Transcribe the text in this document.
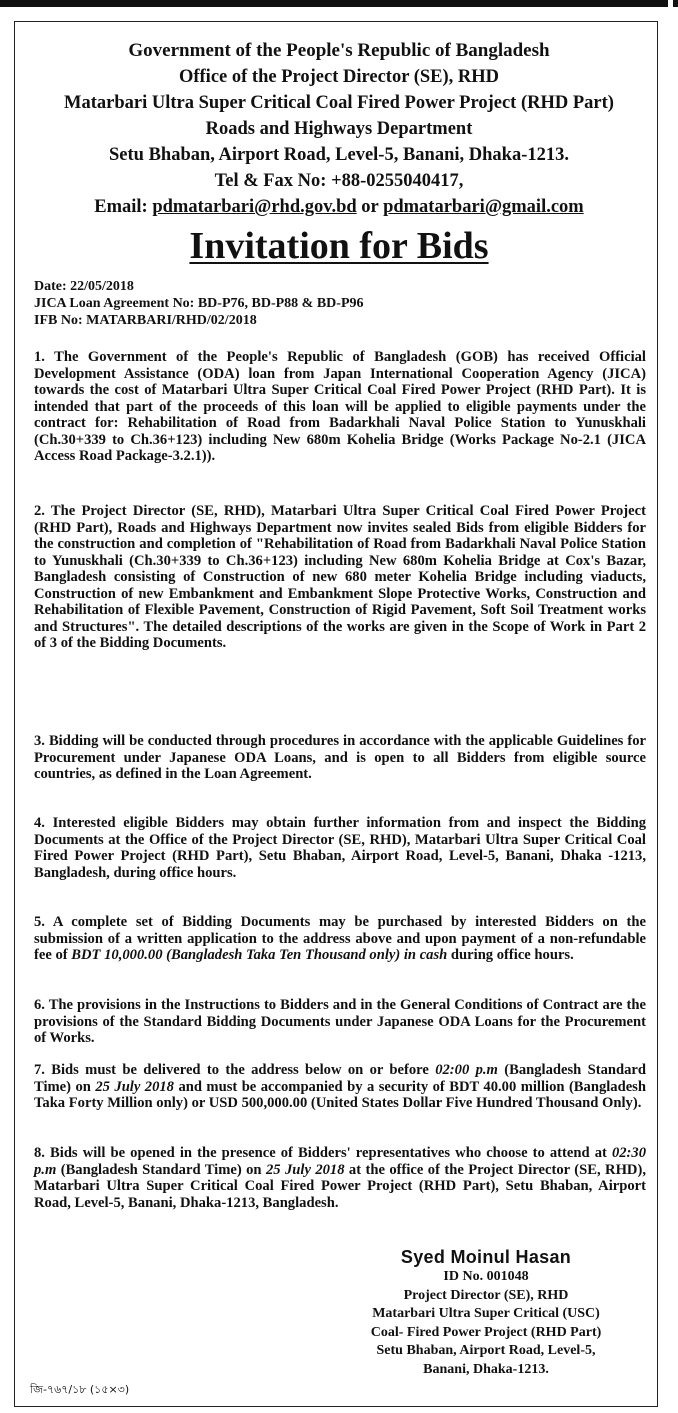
Government of the People's Republic of Bangladesh
Office of the Project Director (SE), RHD
Matarbari Ultra Super Critical Coal Fired Power Project (RHD Part)
Roads and Highways Department
Setu Bhaban, Airport Road, Level-5, Banani, Dhaka-1213.
Tel & Fax No: +88-0255040417,
Email: pdmatarbari@rhd.gov.bd or pdmatarbari@gmail.com
Invitation for Bids
Date: 22/05/2018
JICA Loan Agreement No: BD-P76, BD-P88 & BD-P96
IFB No: MATARBARI/RHD/02/2018

1. The Government of the People's Republic of Bangladesh (GOB) has received Official Development Assistance (ODA) loan from Japan International Cooperation Agency (JICA) towards the cost of Matarbari Ultra Super Critical Coal Fired Power Project (RHD Part). It is intended that part of the proceeds of this loan will be applied to eligible payments under the contract for: Rehabilitation of Road from Badarkhali Naval Police Station to Yunuskhali (Ch.30+339 to Ch.36+123) including New 680m Kohelia Bridge (Works Package No-2.1 (JICA Access Road Package-3.2.1)).

2. The Project Director (SE, RHD), Matarbari Ultra Super Critical Coal Fired Power Project (RHD Part), Roads and Highways Department now invites sealed Bids from eligible Bidders for the construction and completion of "Rehabilitation of Road from Badarkhali Naval Police Station to Yunuskhali (Ch.30+339 to Ch.36+123) including New 680m Kohelia Bridge at Cox's Bazar, Bangladesh consisting of Construction of new 680 meter Kohelia Bridge including viaducts, Construction of new Embankment and Embankment Slope Protective Works, Construction and Rehabilitation of Flexible Pavement, Construction of Rigid Pavement, Soft Soil Treatment works and Structures". The detailed descriptions of the works are given in the Scope of Work in Part 2 of 3 of the Bidding Documents.

3. Bidding will be conducted through procedures in accordance with the applicable Guidelines for Procurement under Japanese ODA Loans, and is open to all Bidders from eligible source countries, as defined in the Loan Agreement.

4. Interested eligible Bidders may obtain further information from and inspect the Bidding Documents at the Office of the Project Director (SE, RHD), Matarbari Ultra Super Critical Coal Fired Power Project (RHD Part), Setu Bhaban, Airport Road, Level-5, Banani, Dhaka -1213, Bangladesh, during office hours.

5. A complete set of Bidding Documents may be purchased by interested Bidders on the submission of a written application to the address above and upon payment of a non-refundable fee of BDT 10,000.00 (Bangladesh Taka Ten Thousand only) in cash during office hours.

6. The provisions in the Instructions to Bidders and in the General Conditions of Contract are the provisions of the Standard Bidding Documents under Japanese ODA Loans for the Procurement of Works.

7. Bids must be delivered to the address below on or before 02:00 p.m (Bangladesh Standard Time) on 25 July 2018 and must be accompanied by a security of BDT 40.00 million (Bangladesh Taka Forty Million only) or USD 500,000.00 (United States Dollar Five Hundred Thousand Only).

8. Bids will be opened in the presence of Bidders' representatives who choose to attend at 02:30 p.m (Bangladesh Standard Time) on 25 July 2018 at the office of the Project Director (SE, RHD), Matarbari Ultra Super Critical Coal Fired Power Project (RHD Part), Setu Bhaban, Airport Road, Level-5, Banani, Dhaka-1213, Bangladesh.

Syed Moinul Hasan
ID No. 001048
Project Director (SE), RHD
Matarbari Ultra Super Critical (USC)
Coal- Fired Power Project (RHD Part)
Setu Bhaban, Airport Road, Level-5,
Banani, Dhaka-1213.
জি-৭৬৭/১৮ (১৫×৩)
